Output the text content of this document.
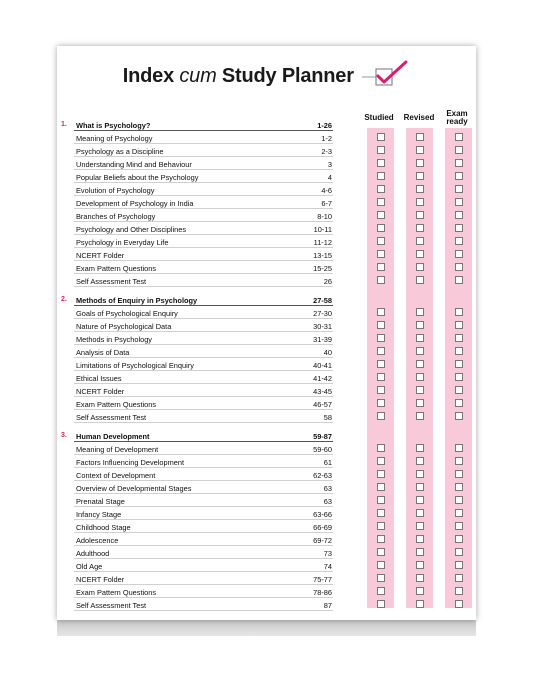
Index cum Study Planner
Studied	Revised	Exam ready
1. What is Psychology?	1-26
Meaning of Psychology	1-2
Psychology as a Discipline	2-3
Understanding Mind and Behaviour	3
Popular Beliefs about the Psychology	4
Evolution of Psychology	4-6
Development of Psychology in India	6-7
Branches of Psychology	8-10
Psychology and Other Disciplines	10-11
Psychology in Everyday Life	11-12
NCERT Folder	13-15
Exam Pattern Questions	15-25
Self Assessment Test	26
2. Methods of Enquiry in Psychology	27-58
Goals of Psychological Enquiry	27-30
Nature of Psychological Data	30-31
Methods in Psychology	31-39
Analysis of Data	40
Limitations of Psychological Enquiry	40-41
Ethical Issues	41-42
NCERT Folder	43-45
Exam Pattern Questions	46-57
Self Assessment Test	58
3. Human Development	59-87
Meaning of Development	59-60
Factors Influencing Development	61
Context of Development	62-63
Overview of Developmental Stages	63
Prenatal Stage	63
Infancy Stage	63-66
Childhood Stage	66-69
Adolescence	69-72
Adulthood	73
Old Age	74
NCERT Folder	75-77
Exam Pattern Questions	78-86
Self Assessment Test	87
